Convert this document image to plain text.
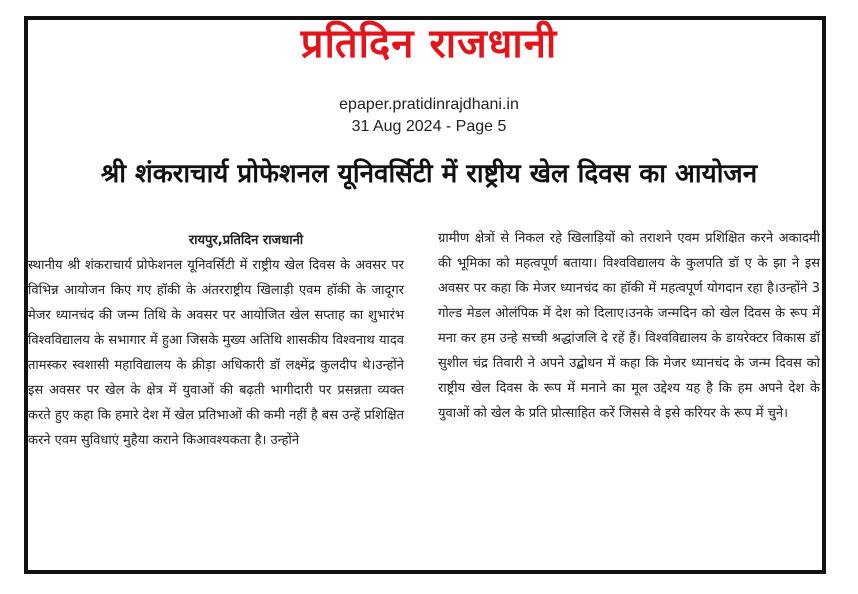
प्रतिदिन राजधानी
epaper.pratidinrajdhani.in
31 Aug 2024 - Page 5
श्री शंकराचार्य प्रोफेशनल यूनिवर्सिटी में राष्ट्रीय खेल दिवस का आयोजन
रायपुर,प्रतिदिन राजधानी
स्थानीय श्री शंकराचार्य प्रोफेशनल यूनिवर्सिटी में राष्ट्रीय खेल दिवस के अवसर पर विभिन्न आयोजन किए गए हॉकी के अंतरराष्ट्रीय खिलाड़ी एवम हॉकी के जादूगर मेजर ध्यानचंद की जन्म तिथि के अवसर पर आयोजित खेल सप्ताह का शुभारंभ विश्वविद्यालय के सभागार में हुआ जिसके मुख्य अतिथि शासकीय विश्वनाथ यादव तामस्कर स्वशासी महाविद्यालय के क्रीड़ा अधिकारी डॉ लक्ष्मेंद्र कुलदीप थे।उन्होंने इस अवसर पर खेल के क्षेत्र में युवाओं की बढ़ती भागीदारी पर प्रसन्नता व्यक्त करते हुए कहा कि हमारे देश में खेल प्रतिभाओं की कमी नहीं है बस उन्हें प्रशिक्षित करने एवम सुविधाएं मुहैया कराने किआवश्यकता है। उन्होंने
ग्रामीण क्षेत्रों से निकल रहे खिलाड़ियों को तराशने एवम प्रशिक्षित करने अकादमी की भूमिका को महत्वपूर्ण बताया। विश्वविद्यालय के कुलपति डॉ ए के झा ने इस अवसर पर कहा कि मेजर ध्यानचंद का हॉकी में महत्वपूर्ण योगदान रहा है।उन्होंने 3 गोल्ड मेडल ओलंपिक में देश को दिलाए।उनके जन्मदिन को खेल दिवस के रूप में मना कर हम उन्हे सच्ची श्रद्धांजलि दे रहें हैं। विश्वविद्यालय के डायरेक्टर विकास डॉ सुशील चंद्र तिवारी ने अपने उद्बोधन में कहा कि मेजर ध्यानचंद के जन्म दिवस को राष्ट्रीय खेल दिवस के रूप में मनाने का मूल उद्देश्य यह है कि हम अपने देश के युवाओं को खेल के प्रति प्रोत्साहित करें जिससे वे इसे करियर के रूप में चुने।
